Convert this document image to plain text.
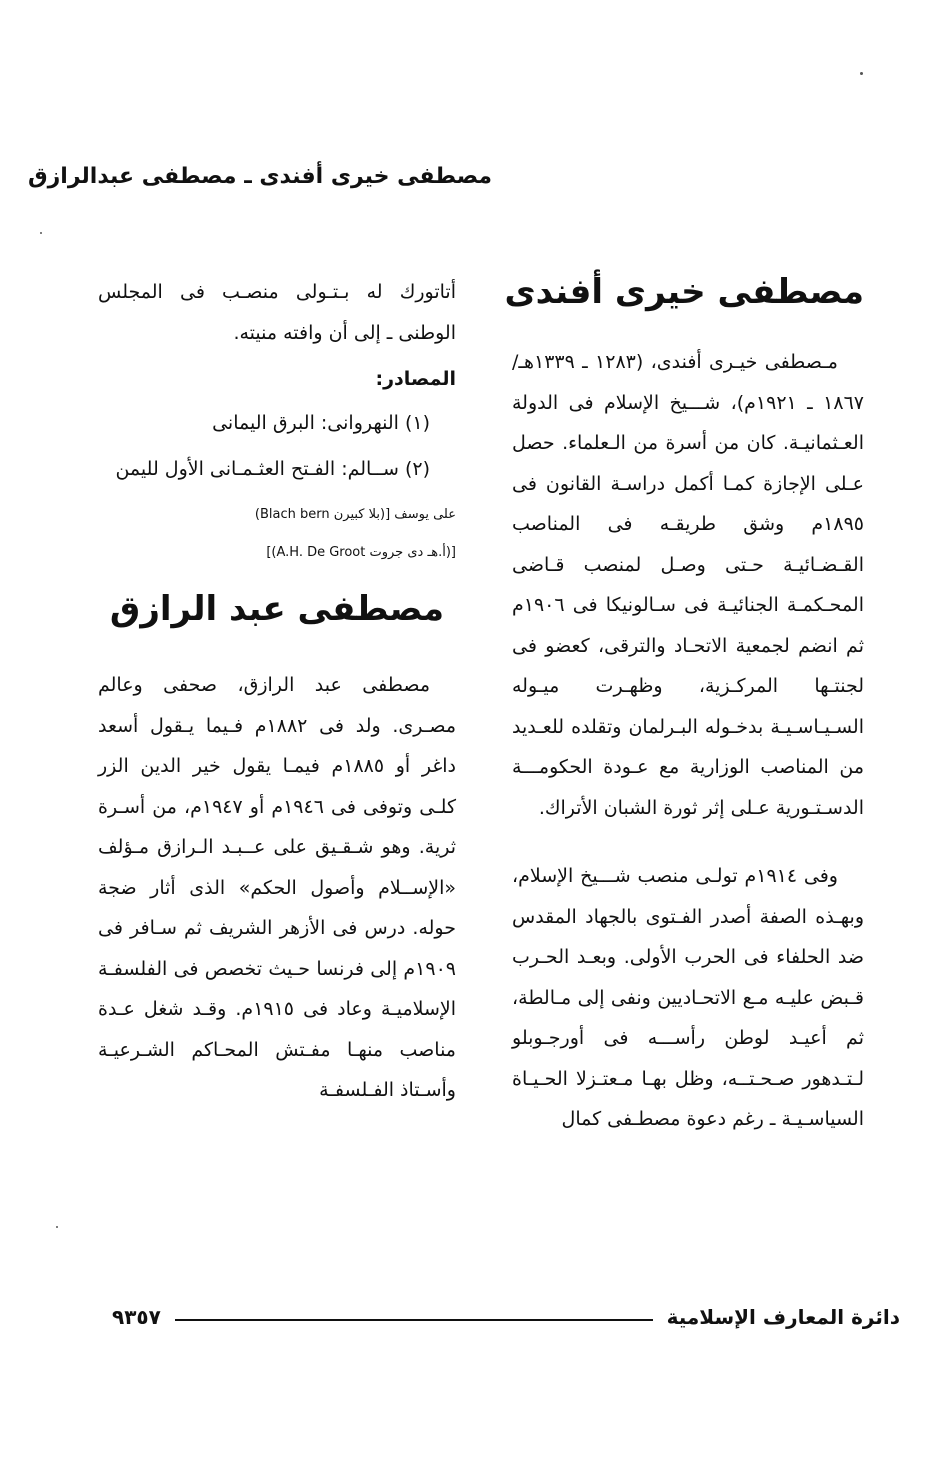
مصطفى خيرى أفندى ـ مصطفى عبدالرازق
مصطفى خيرى أفندى

مـصطفى خيـرى أفندى، (١٢٨٣ ـ ١٣٣٩هـ/ ١٨٦٧ ـ ١٩٢١م)، شـــيخ الإسلام فى الدولة العـثمانيـة. كان من أسرة من الـعلماء. حصل عـلى الإجازة كمـا أكمل دراسـة القانون فى ١٨٩٥م وشق طريقـه فى المناصب القـضـائيـة حـتى وصـل لمنصب قـاضى المحـكمـة الجنائيـة فى سـالونيكا فى ١٩٠٦م ثم انضم لجمعية الاتحـاد والترقى، كعضو فى لجنتـها المركـزية، وظهـرت ميـوله السـيـاسـيـة بدخـوله البـرلمان وتقلده للعـديد من المناصب الوزارية مع عـودة الحكومـــة الدسـتـورية عـلى إثر ثورة الشبان الأتراك.

وفى ١٩١٤م تولـى منصب شـــيخ الإسلام، وبهـذه الصفة أصدر الفـتوى بالجهاد المقدس ضد الحلفاء فى الحرب الأولى. وبعـد الحـرب قـبض عليـه مـع الاتحـاديين ونفى إلى مـالطة، ثم أعيـد لوطن رأســـه فى أورجـوبلو لـتـدهور صـحـتــه، وظل بهـا مـعتـزلا الحـيـاة السياسـيـة ـ رغم دعوة مصطـفى كمال

أتاتورك له بـتـولى منصـب فى المجلس الوطنى ـ إلى أن وافته منيته.

المصادر:

(١) النهروانى: البرق اليمانى

(٢) ســالم: الفـتح العثـمـانى الأول لليمن

على يوسف [(بلا كبيرن Blach bern)
[(أ.هـ دى جروت A.H. De Groot)]
مصطفى عبد الرازق

مصطفى عبد الرازق، صحفى وعالم مصـرى. ولد فى ١٨٨٢م فـيما يـقول أسعد داغر أو ١٨٨٥م فيمـا يقول خير الدين الزر كلـى وتوفى فى ١٩٤٦م أو ١٩٤٧م، من أسـرة ثرية. وهو شـقـيق على عــبـد الـرازق مـؤلف «الإســلام وأصول الحكم» الذى أثار ضجة حوله. درس فى الأزهر الشريف ثم سـافر فى ١٩٠٩م إلى فرنسا حـيث تخصص فى الفلسفـة الإسلاميـة وعاد فى ١٩١٥م. وقـد شغل عـدة مناصب منهـا مفـتش المحـاكم الشـرعيـة وأسـتاذ الفـلسفـة

دائرة المعارف الإسلامية
٩٣٥٧
